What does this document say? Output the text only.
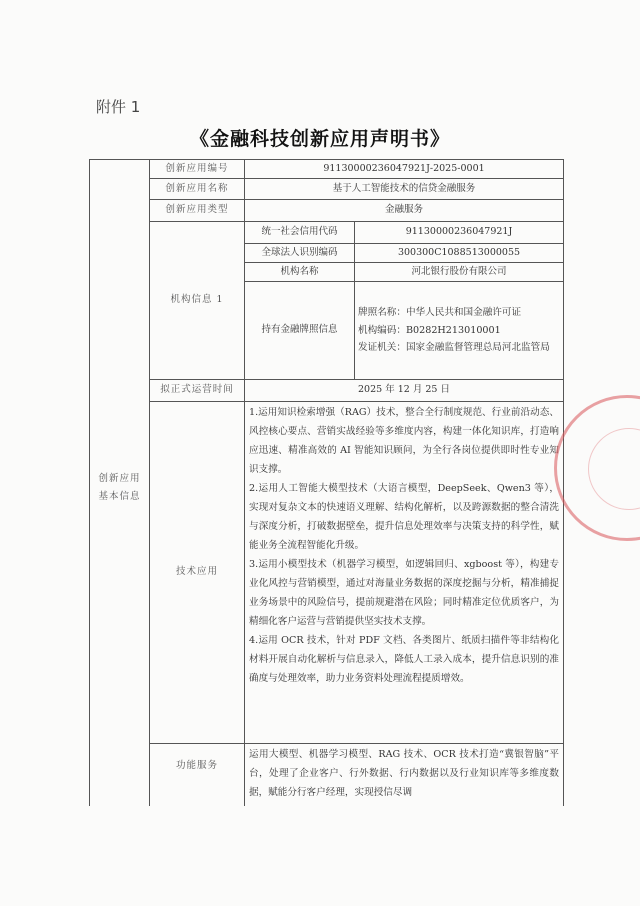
附件 1
《金融科技创新应用声明书》
创新应用
基本信息	创新应用编号	91130000236047921J-2025-0001	
	创新应用名称	基于人工智能技术的信贷金融服务	
	创新应用类型	金融服务	
	机构信息 1	统一社会信用代码	91130000236047921J
		全球法人识别编码	300300C1088513000055
		机构名称	河北银行股份有限公司
		持有金融牌照信息	牌照名称：中华人民共和国金融许可证

机构编码：B0282H213010001

发证机关：国家金融监督管理总局河北监管局

	拟正式运营时间	2025 年 12 月 25 日	
	技术应用	1.运用知识检索增强（RAG）技术，整合全行制度规范、行业前沿动态、风控核心要点、营销实战经验等多维度内容，构建一体化知识库，打造响应迅速、精准高效的 AI 智能知识顾问，为全行各岗位提供即时性专业知识支撑。

2.运用人工智能大模型技术（大语言模型，DeepSeek、Qwen3 等），实现对复杂文本的快速语义理解、结构化解析，以及跨源数据的整合清洗与深度分析，打破数据壁垒，提升信息处理效率与决策支持的科学性，赋能业务全流程智能化升级。

3.运用小模型技术（机器学习模型，如逻辑回归、xgboost 等），构建专业化风控与营销模型，通过对海量业务数据的深度挖掘与分析，精准捕捉业务场景中的风险信号，提前规避潜在风险；同时精准定位优质客户，为精细化客户运营与营销提供坚实技术支撑。

4.运用 OCR 技术，针对 PDF 文档、各类图片、纸质扫描件等非结构化材料开展自动化解析与信息录入，降低人工录入成本，提升信息识别的准确度与处理效率，助力业务资料处理流程提质增效。	

	功能服务	运用大模型、机器学习模型、RAG 技术、OCR 技术打造“冀银智脑”平台，处理了企业客户、行外数据、行内数据以及行业知识库等多维度数据，赋能分行客户经理，实现授信尽调	
